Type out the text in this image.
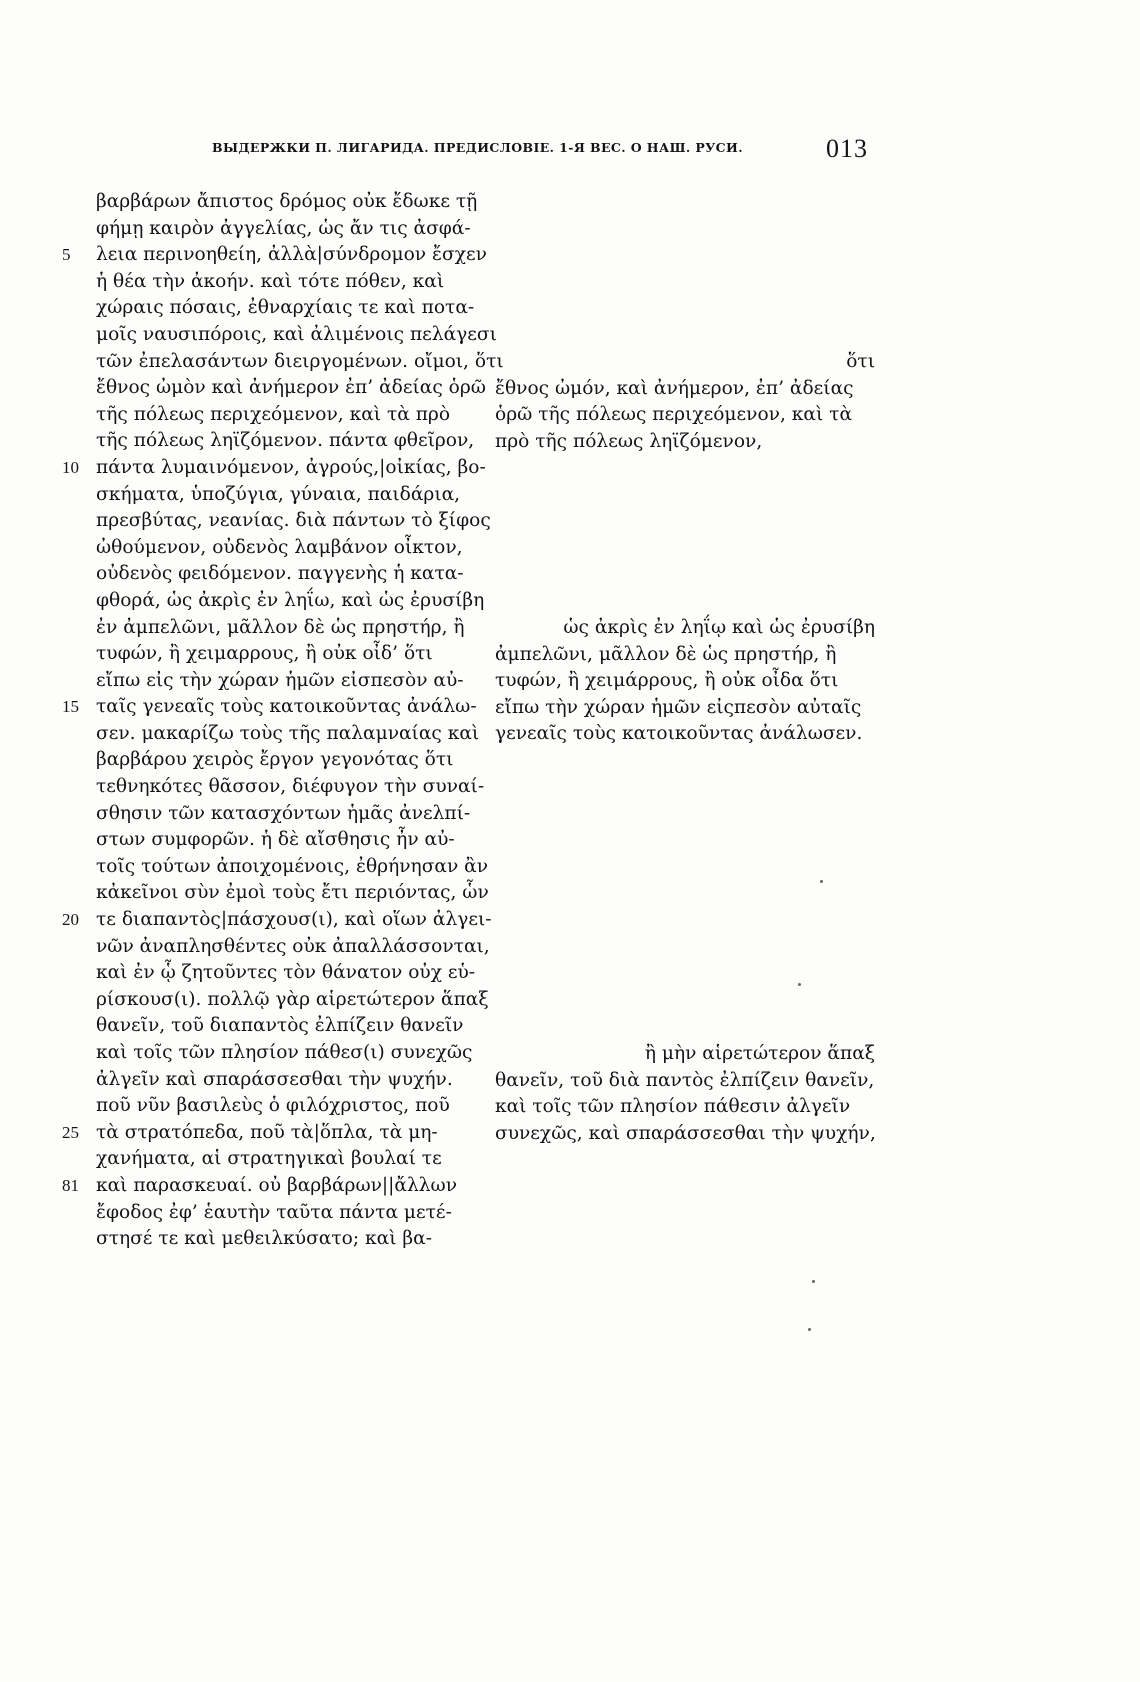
ВЫДЕРЖКИ П. ЛИГАРИДА. ПРЕДИСЛОВІЕ. 1-Я ВЕС. О НАШ. РУСИ.	013
βαρβάρων ἄπιστος δρόμος οὐκ ἔδωκε τῇ
φήμῃ καιρὸν ἀγγελίας, ὡς ἄν τις ἀσφά-
λεια περινοηθείη, ἀλλὰ|σύνδρομον ἔσχεν
5
ἡ θέα τὴν ἀκοήν. καὶ τότε πόθεν, καὶ
χώραις πόσαις, ἐθναρχίαις τε καὶ ποτα-
μοῖς ναυσιπόροις, καὶ ἀλιμένοις πελάγεσι
τῶν ἐπελασάντων διειργομένων. οἴμοι, ὅτι
ἔθνος ὠμὸν καὶ ἀνήμερον ἐπ’ ἀδείας ὁρῶ
τῆς πόλεως περιχεόμενον, καὶ τὰ πρὸ
τῆς πόλεως ληϊζόμενον. πάντα φθεῖρον,
πάντα λυμαινόμενον, ἀγρούς,|οἰκίας, βο-
10
σκήματα, ὑποζύγια, γύναια, παιδάρια,
πρεσβύτας, νεανίας. διὰ πάντων τὸ ξίφος
ὠθούμενον, οὐδενὸς λαμβάνον οἶκτον,
οὐδενὸς φειδόμενον. παγγενὴς ἡ κατα-
φθορά, ὡς ἀκρὶς ἐν ληΐω, καὶ ὡς ἐρυσίβη
ἐν ἀμπελῶνι, μᾶλλον δὲ ὡς πρηστήρ, ἢ
τυφών, ἢ χειμαρρους, ἢ οὐκ οἶδ’ ὅτι
εἴπω εἰς τὴν χώραν ἡμῶν εἰσπεσὸν αὐ-
ταῖς γενεαῖς τοὺς κατοικοῦντας ἀνάλω-
15
σεν. μακαρίζω τοὺς τῆς παλαμναίας καὶ
βαρβάρου χειρὸς ἔργον γεγονότας ὅτι
τεθνηκότες θᾶσσον, διέφυγον τὴν συναί-
σθησιν τῶν κατασχόντων ἡμᾶς ἀνελπί-
στων συμφορῶν. ἡ δὲ αἴσθησις ἦν αὐ-
τοῖς τούτων ἀποιχομένοις, ἐθρήνησαν ἂν
κἀκεῖνοι σὺν ἐμοὶ τοὺς ἔτι περιόντας, ὧν
τε διαπαντὸς|πάσχουσ(ι), καὶ οἵων ἀλγει-
20
νῶν ἀναπλησθέντες οὐκ ἀπαλλάσσονται,
καὶ ἐν ᾧ ζητοῦντες τὸν θάνατον οὐχ εὑ-
ρίσκουσ(ι). πολλῷ γὰρ αἱρετώτερον ἅπαξ
θανεῖν, τοῦ διαπαντὸς ἐλπίζειν θανεῖν
καὶ τοῖς τῶν πλησίον πάθεσ(ι) συνεχῶς
ἀλγεῖν καὶ σπαράσσεσθαι τὴν ψυχήν.
ποῦ νῦν βασιλεὺς ὁ φιλόχριστος, ποῦ
τὰ στρατόπεδα, ποῦ τὰ|ὅπλα, τὰ μη-
25
χανήματα, αἱ στρατηγικαὶ βουλαί τε
καὶ παρασκευαί. οὐ βαρβάρων||ἄλλων
81
ἔφοδος ἐφ’ ἑαυτὴν ταῦτα πάντα μετέ-
στησέ τε καὶ μεθειλκύσατο; καὶ βα-
ὅτι
ἔθνος ὠμόν, καὶ ἀνήμερον, ἐπ’ ἀδείας
ὁρῶ τῆς πόλεως περιχεόμενον, καὶ τὰ
πρὸ τῆς πόλεως ληϊζόμενον,
ὡς ἀκρὶς ἐν ληΐῳ καὶ ὡς ἐρυσίβη
ἀμπελῶνι, μᾶλλον δὲ ὡς πρηστήρ, ἢ
τυφών, ἢ χειμάρρους, ἢ οὐκ οἶδα ὅτι
εἴπω τὴν χώραν ἡμῶν εἰςπεσὸν αὐταῖς
γενεαῖς τοὺς κατοικοῦντας ἀνάλωσεν.
ἢ μὴν αἱρετώτερον ἅπαξ
θανεῖν, τοῦ διὰ παντὸς ἐλπίζειν θανεῖν,
καὶ τοῖς τῶν πλησίον πάθεσιν ἀλγεῖν
συνεχῶς, καὶ σπαράσσεσθαι τὴν ψυχήν,
